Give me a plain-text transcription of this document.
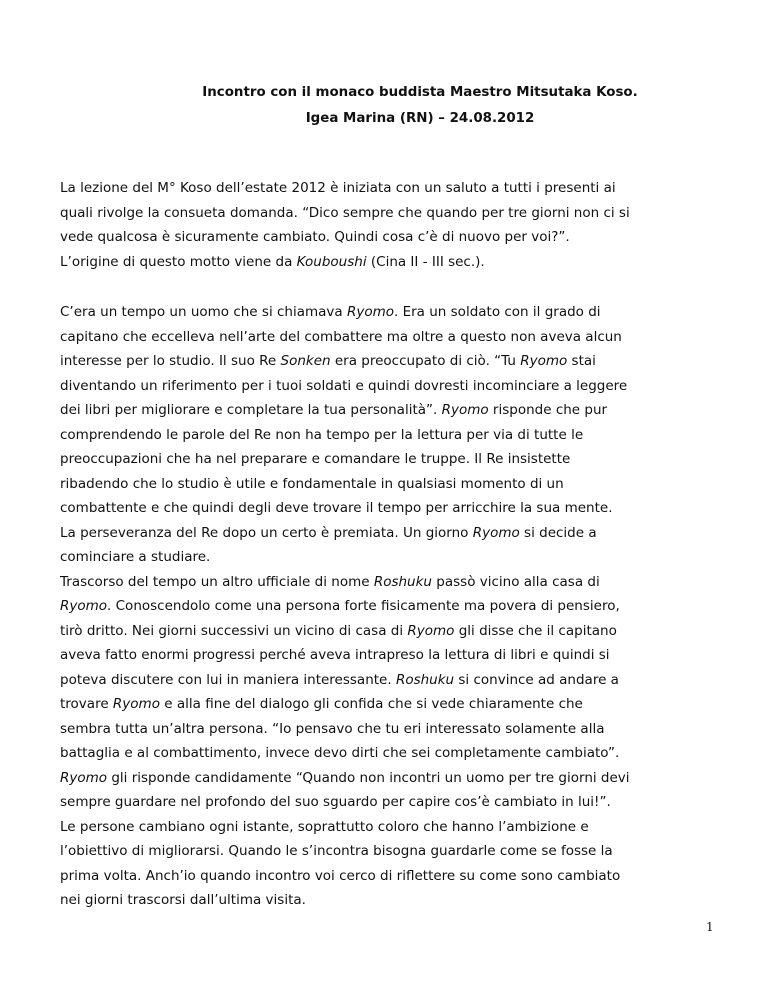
Incontro con il monaco buddista Maestro Mitsutaka Koso.
Igea Marina (RN) – 24.08.2012
La lezione del M° Koso dell’estate 2012 è iniziata con un saluto a tutti i presenti ai
quali rivolge la consueta domanda. “Dico sempre che quando per tre giorni non ci si
vede qualcosa è sicuramente cambiato. Quindi cosa c’è di nuovo per voi?”.
L’origine di questo motto viene da Kouboushi (Cina II - III sec.).
C’era un tempo un uomo che si chiamava Ryomo. Era un soldato con il grado di
capitano che eccelleva nell’arte del combattere ma oltre a questo non aveva alcun
interesse per lo studio. Il suo Re Sonken era preoccupato di ciò. “Tu Ryomo stai
diventando un riferimento per i tuoi soldati e quindi dovresti incominciare a leggere
dei libri per migliorare e completare la tua personalità”. Ryomo risponde che pur
comprendendo le parole del Re non ha tempo per la lettura per via di tutte le
preoccupazioni che ha nel preparare e comandare le truppe. Il Re insistette
ribadendo che lo studio è utile e fondamentale in qualsiasi momento di un
combattente e che quindi degli deve trovare il tempo per arricchire la sua mente.
La perseveranza del Re dopo un certo è premiata. Un giorno Ryomo si decide a
cominciare a studiare.
Trascorso del tempo un altro ufficiale di nome Roshuku passò vicino alla casa di
Ryomo. Conoscendolo come una persona forte fisicamente ma povera di pensiero,
tirò dritto. Nei giorni successivi un vicino di casa di Ryomo gli disse che il capitano
aveva fatto enormi progressi perché aveva intrapreso la lettura di libri e quindi si
poteva discutere con lui in maniera interessante. Roshuku si convince ad andare a
trovare Ryomo e alla fine del dialogo gli confida che si vede chiaramente che
sembra tutta un’altra persona. “Io pensavo che tu eri interessato solamente alla
battaglia e al combattimento, invece devo dirti che sei completamente cambiato”.
Ryomo gli risponde candidamente “Quando non incontri un uomo per tre giorni devi
sempre guardare nel profondo del suo sguardo per capire cos’è cambiato in lui!”.
Le persone cambiano ogni istante, soprattutto coloro che hanno l’ambizione e
l’obiettivo di migliorarsi. Quando le s’incontra bisogna guardarle come se fosse la
prima volta. Anch’io quando incontro voi cerco di riflettere su come sono cambiato
nei giorni trascorsi dall’ultima visita.
1
